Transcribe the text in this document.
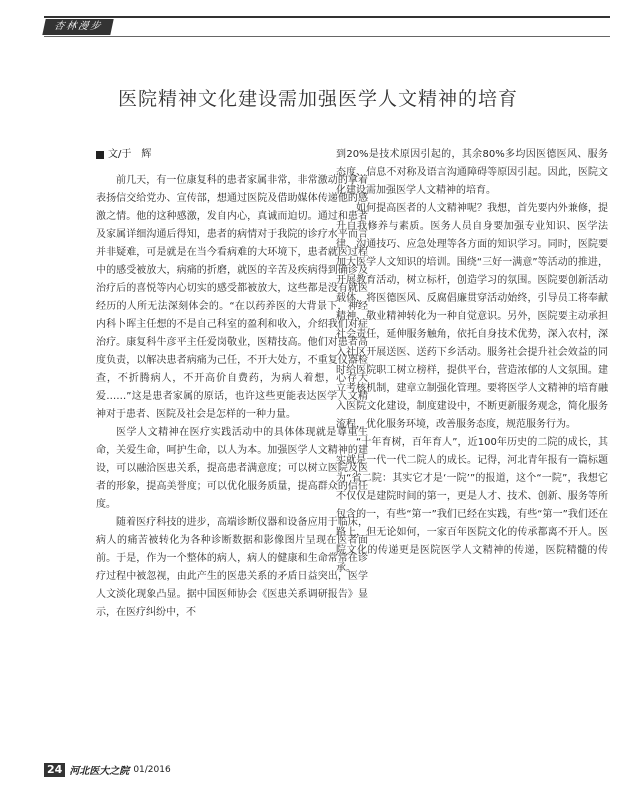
杏林漫步
医院精神文化建设需加强医学人文精神的培育
文/于　辉

前几天，有一位康复科的患者家属非常，非常激动的拿着表扬信交给党办、宣传部，想通过医院及借助媒体传递他的感激之情。他的这种感激，发自内心，真诚而迫切。通过和患者及家属详细沟通后得知，患者的病情对于我院的诊疗水平而言并非疑难，可是就是在当今看病难的大环境下，患者就医过程中的感受被放大，病痛的折磨，就医的辛苦及疾病得到确诊及治疗后的喜悦等内心切实的感受都被放大，这些都是没有就医经历的人所无法深刻体会的。“在以药养医的大背景下，神经内科卜晖主任想的不是自己科室的盈利和收入，介绍我们对症治疗。康复科牛彦平主任爱岗敬业，医精技高。他们对患者高度负责，以解决患者病痛为己任，不开大处方，不重复仪器检查，不折腾病人，不开高价自费药，为病人着想，心存大爱……”这是患者家属的原话，也许这些更能表达医学人文精神对于患者、医院及社会是怎样的一种力量。

医学人文精神在医疗实践活动中的具体体现就是尊重生命，关爱生命，呵护生命，以人为本。加强医学人文精神的建设，可以融洽医患关系，提高患者满意度；可以树立医院及医者的形象，提高美誉度；可以优化服务质量，提高群众的信任度。

随着医疗科技的进步，高端诊断仪器和设备应用于临床，病人的痛苦被转化为各种诊断数据和影像图片呈现在医者面前。于是，作为一个整体的病人，病人的健康和生命常常在诊疗过程中被忽视，由此产生的医患关系的矛盾日益突出，医学人文淡化现象凸显。据中国医师协会《医患关系调研报告》显示，在医疗纠纷中，不

到20%是技术原因引起的，其余80%多均因医德医风、服务态度、信息不对称及语言沟通障碍等原因引起。因此，医院文化建设需加强医学人文精神的培育。

如何提高医者的人文精神呢？我想，首先要内外兼修，提升自我修养与素质。医务人员自身要加强专业知识、医学法律、沟通技巧、应急处理等各方面的知识学习。同时，医院要加大医学人文知识的培训。围绕“三好一满意”等活动的推进，开展教育活动，树立标杆，创造学习的氛围。医院要创新活动载体，将医德医风、反腐倡廉贯穿活动始终，引导员工将奉献精神、敬业精神转化为一种自觉意识。另外，医院要主动承担社会责任，延伸服务触角，依托自身技术优势，深入农村，深入社区开展送医、送药下乡活动。服务社会提升社会效益的同时给医院职工树立榜样，提供平台，营造浓郁的人文氛围。建立考核机制，建章立制强化管理。要将医学人文精神的培育融入医院文化建设，制度建设中，不断更新服务观念，简化服务流程，优化服务环境，改善服务态度，规范服务行为。

“十年育树，百年育人”，近100年历史的二院的成长，其实就是一代一代二院人的成长。记得，河北青年报有一篇标题为“省二院：其实它才是‘一院’”的报道，这个“一院”，我想它不仅仅是建院时间的第一，更是人才、技术、创新、服务等所包含的一，有些“第一”我们已经在实践，有些“第一”我们还在路上，但无论如何，一家百年医院文化的传承都离不开人。医院文化的传递更是医院医学人文精神的传递，医院精髓的传承。

24 河北医大之院 01/2016
